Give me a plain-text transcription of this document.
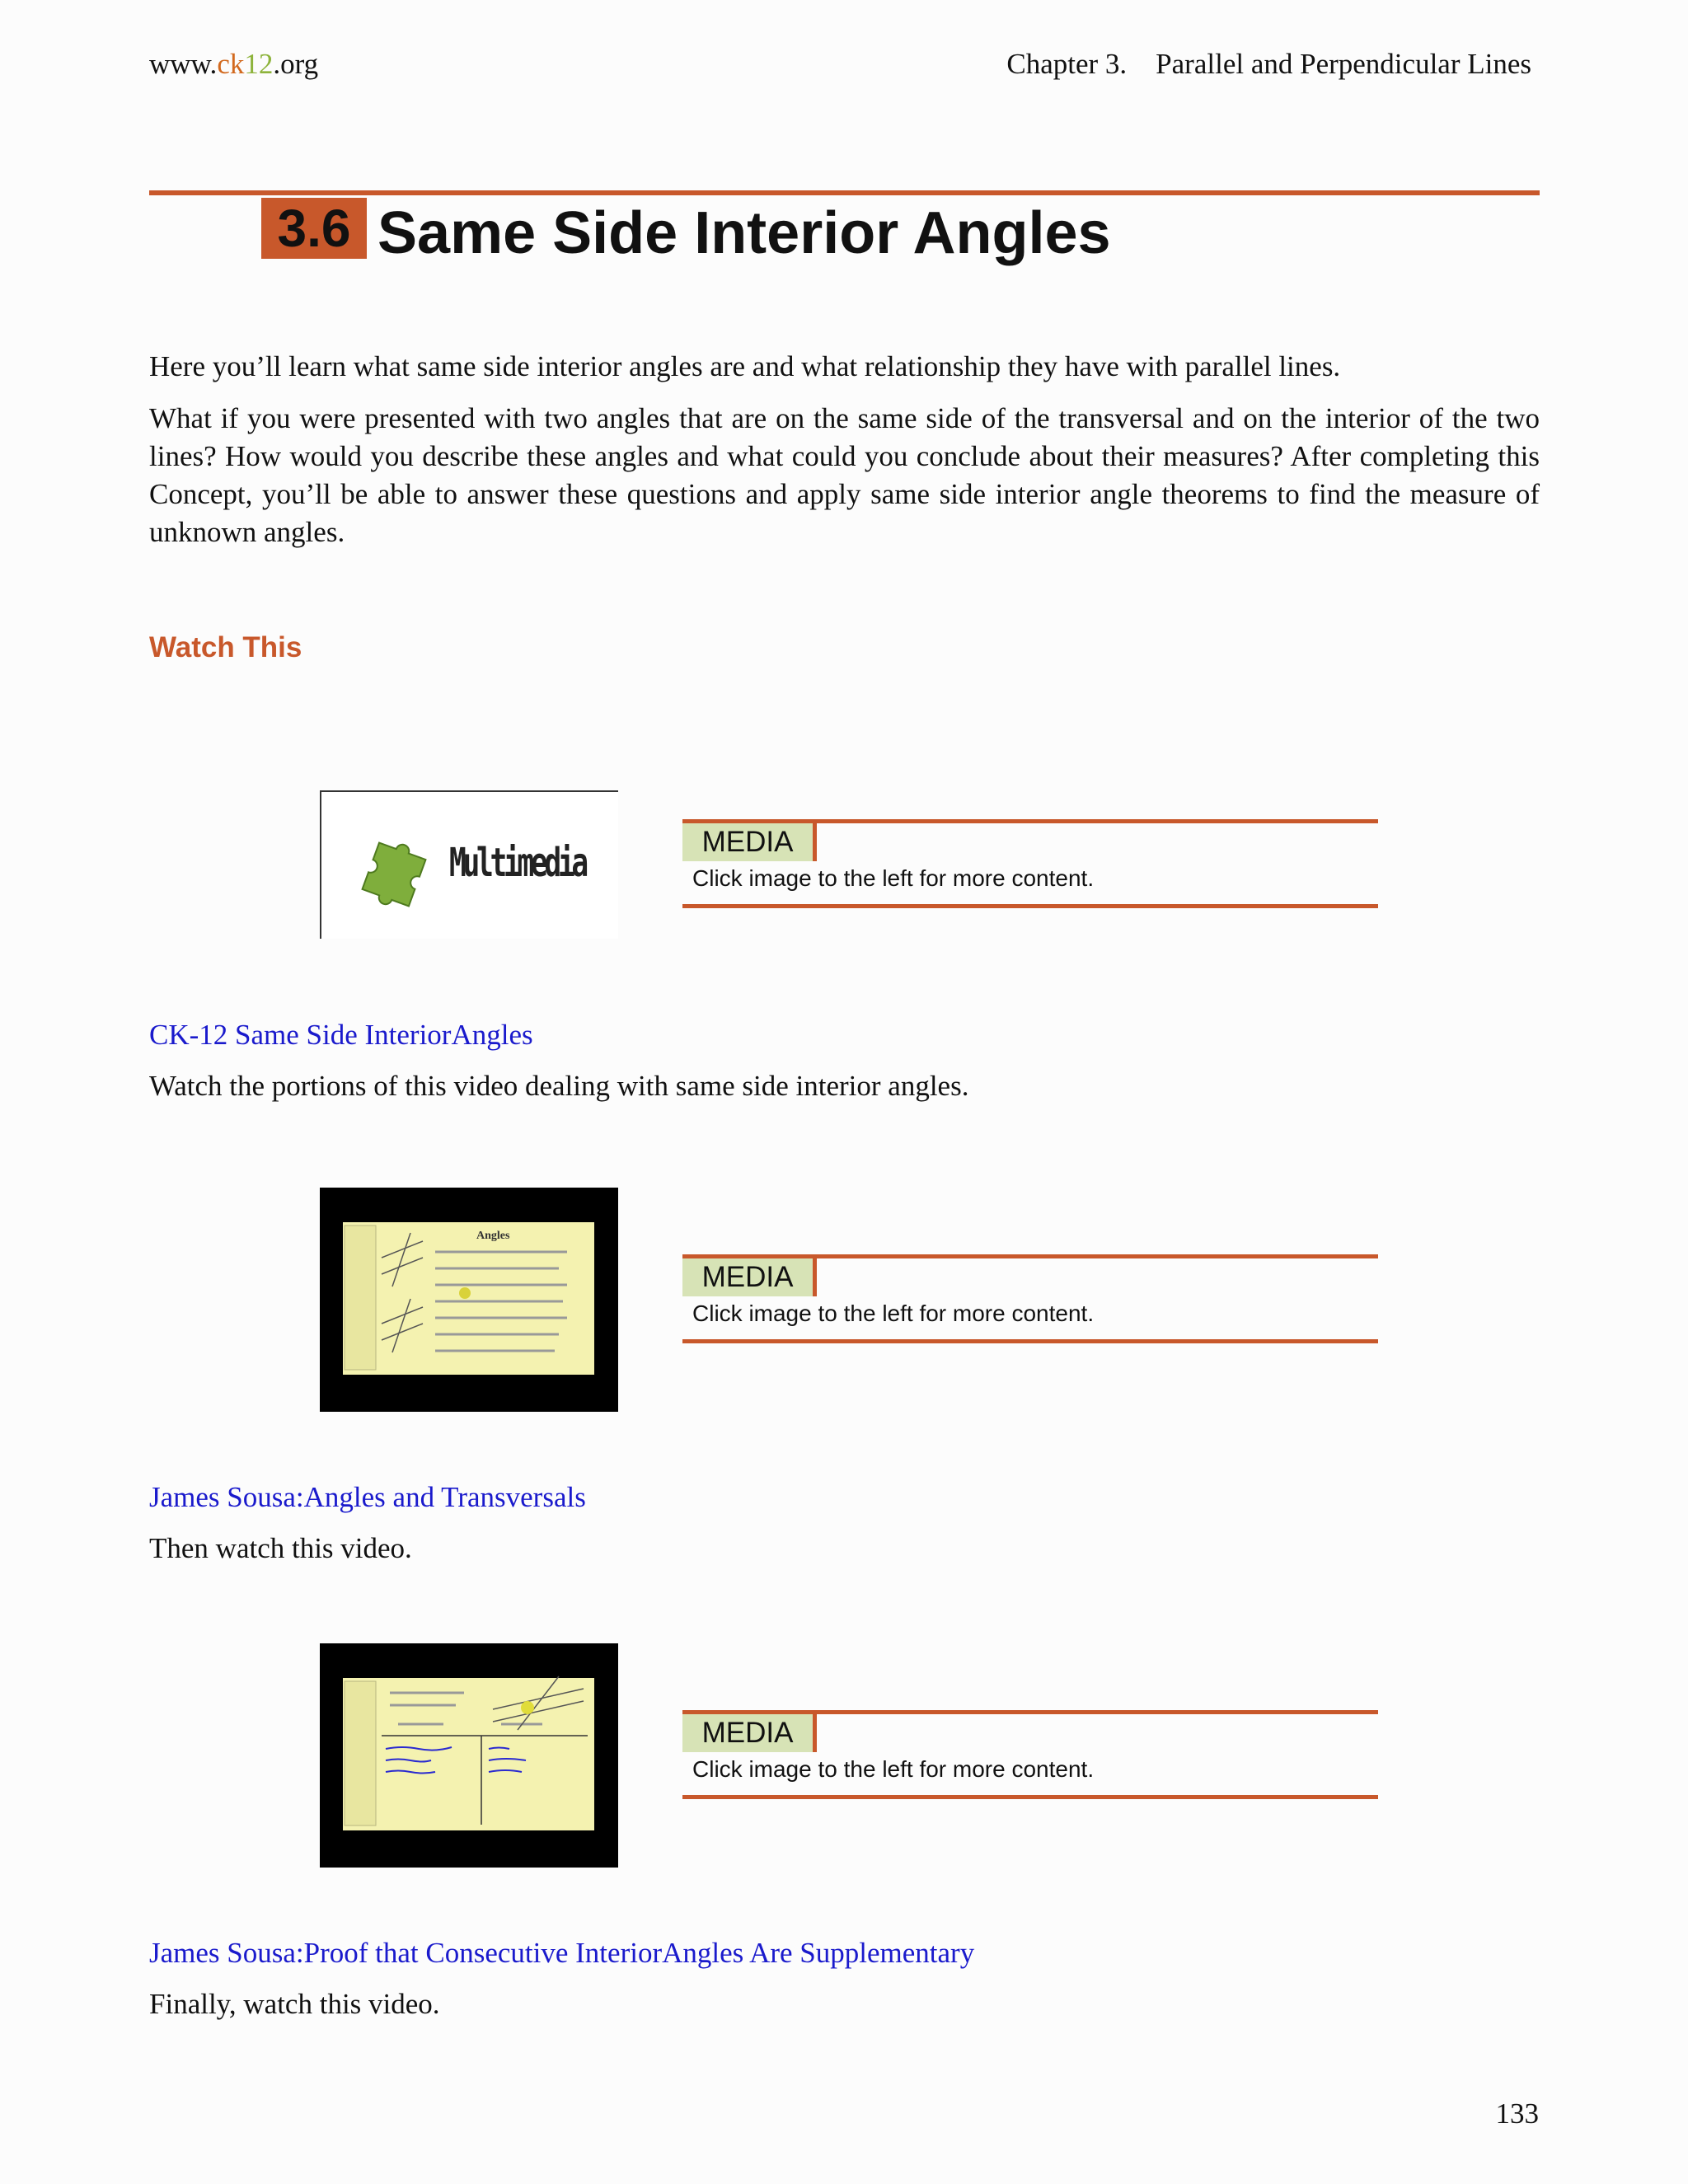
www.ck12.org	Chapter 3.    Parallel and Perpendicular Lines
3.6 Same Side Interior Angles
Here you’ll learn what same side interior angles are and what relationship they have with parallel lines.
What if you were presented with two angles that are on the same side of the transversal and on the interior of the two lines? How would you describe these angles and what could you conclude about their measures? After completing this Concept, you’ll be able to answer these questions and apply same side interior angle theorems to find the measure of unknown angles.
Watch This
Multimedia	MEDIA
Click image to the left for more content.
CK-12 Same Side InteriorAngles
Watch the portions of this video dealing with same side interior angles.
Angles
MEDIA
Click image to the left for more content.
James Sousa:Angles and Transversals
Then watch this video.
MEDIA
Click image to the left for more content.
James Sousa:Proof that Consecutive InteriorAngles Are Supplementary
Finally, watch this video.
133
